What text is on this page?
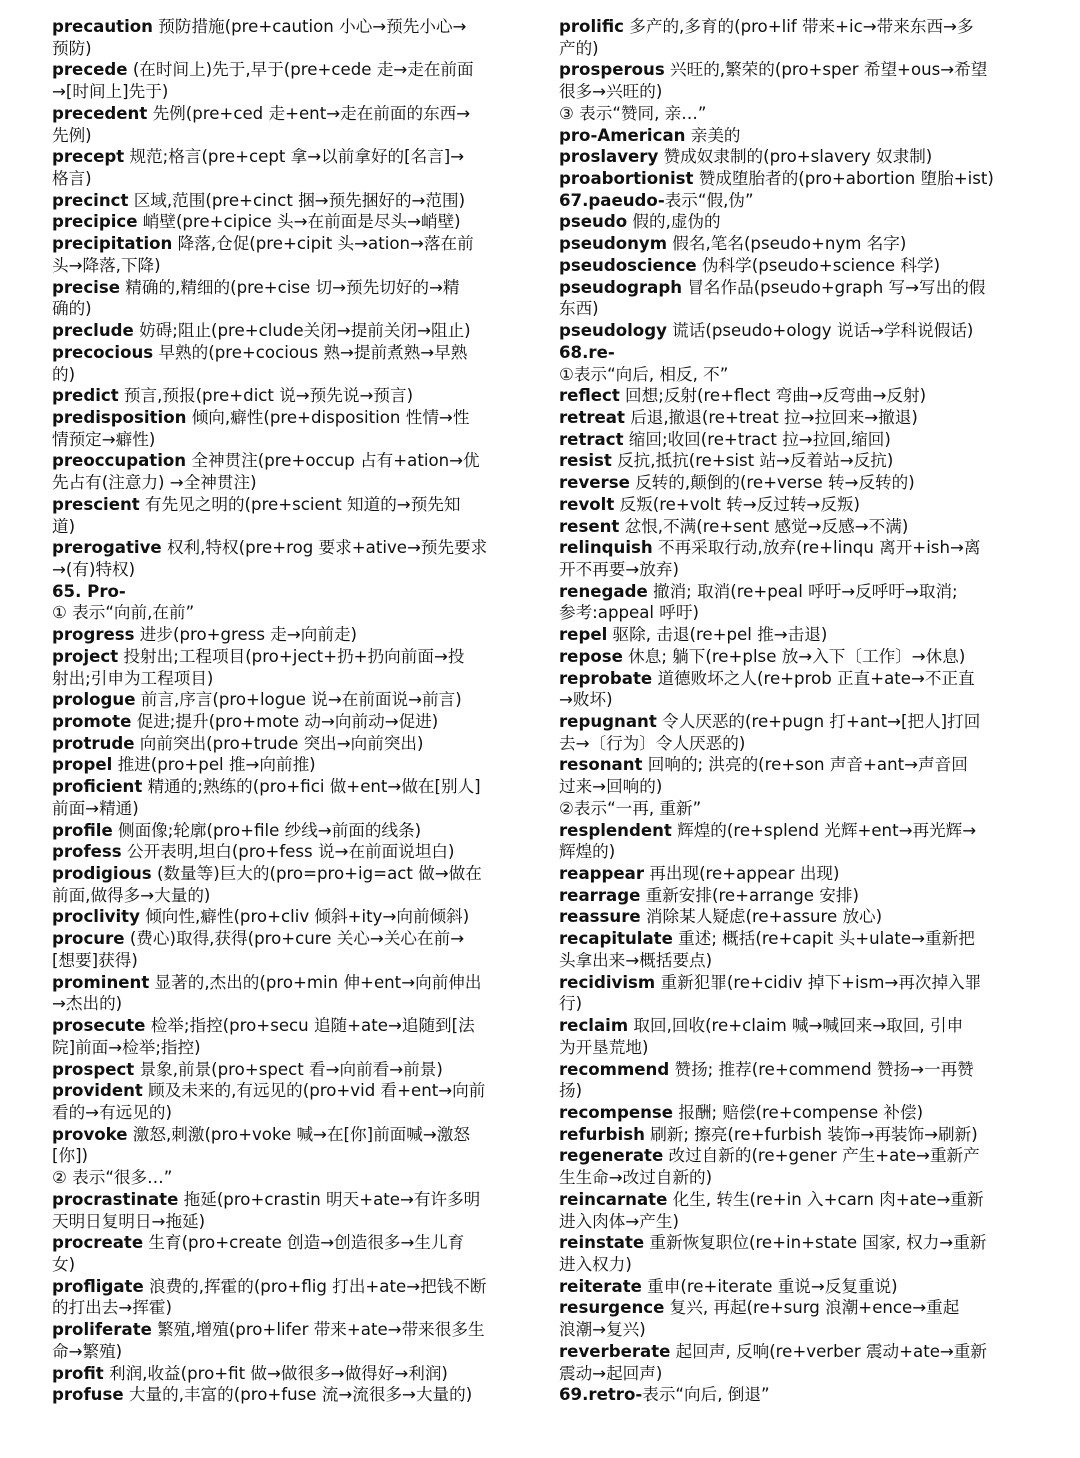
precaution 预防措施(pre+caution 小心→预先小心→
预防)
precede (在时间上)先于,早于(pre+cede 走→走在前面
→[时间上]先于)
precedent 先例(pre+ced 走+ent→走在前面的东西→
先例)
precept 规范;格言(pre+cept 拿→以前拿好的[名言]→
格言)
precinct 区域,范围(pre+cinct 捆→预先捆好的→范围)
precipice 峭壁(pre+cipice 头→在前面是尽头→峭壁)
precipitation 降落,仓促(pre+cipit 头→ation→落在前
头→降落,下降)
precise 精确的,精细的(pre+cise 切→预先切好的→精
确的)
preclude 妨碍;阻止(pre+clude关闭→提前关闭→阻止)
precocious 早熟的(pre+cocious 熟→提前煮熟→早熟
的)
predict 预言,预报(pre+dict 说→预先说→预言)
predisposition 倾向,癖性(pre+disposition 性情→性
情预定→癖性)
preoccupation 全神贯注(pre+occup 占有+ation→优
先占有(注意力) →全神贯注)
prescient 有先见之明的(pre+scient 知道的→预先知
道)
prerogative 权利,特权(pre+rog 要求+ative→预先要求
→(有)特权)
65. Pro-
① 表示“向前,在前”
progress 进步(pro+gress 走→向前走)
project 投射出;工程项目(pro+ject+扔+扔向前面→投
射出;引申为工程项目)
prologue 前言,序言(pro+logue 说→在前面说→前言)
promote 促进;提升(pro+mote 动→向前动→促进)
protrude 向前突出(pro+trude 突出→向前突出)
propel 推进(pro+pel 推→向前推)
proficient 精通的;熟练的(pro+fici 做+ent→做在[别人]
前面→精通)
profile 侧面像;轮廓(pro+file 纱线→前面的线条)
profess 公开表明,坦白(pro+fess 说→在前面说坦白)
prodigious (数量等)巨大的(pro=pro+ig=act 做→做在
前面,做得多→大量的)
proclivity 倾向性,癖性(pro+cliv 倾斜+ity→向前倾斜)
procure (费心)取得,获得(pro+cure 关心→关心在前→
[想要]获得)
prominent 显著的,杰出的(pro+min 伸+ent→向前伸出
→杰出的)
prosecute 检举;指控(pro+secu 追随+ate→追随到[法
院]前面→检举;指控)
prospect 景象,前景(pro+spect 看→向前看→前景)
provident 顾及未来的,有远见的(pro+vid 看+ent→向前
看的→有远见的)
provoke 激怒,刺激(pro+voke 喊→在[你]前面喊→激怒
[你])
② 表示“很多…”
procrastinate 拖延(pro+crastin 明天+ate→有许多明
天明日复明日→拖延)
procreate 生育(pro+create 创造→创造很多→生儿育
女)
profligate 浪费的,挥霍的(pro+flig 打出+ate→把钱不断
的打出去→挥霍)
proliferate 繁殖,增殖(pro+lifer 带来+ate→带来很多生
命→繁殖)
profit 利润,收益(pro+fit 做→做很多→做得好→利润)
profuse 大量的,丰富的(pro+fuse 流→流很多→大量的)
prolific 多产的,多育的(pro+lif 带来+ic→带来东西→多
产的)
prosperous 兴旺的,繁荣的(pro+sper 希望+ous→希望
很多→兴旺的)
③ 表示“赞同, 亲…”
pro-American 亲美的
proslavery 赞成奴隶制的(pro+slavery 奴隶制)
proabortionist 赞成堕胎者的(pro+abortion 堕胎+ist)
67.paeudo-表示“假,伪”
pseudo 假的,虚伪的
pseudonym 假名,笔名(pseudo+nym 名字)
pseudoscience 伪科学(pseudo+science 科学)
pseudograph 冒名作品(pseudo+graph 写→写出的假
东西)
pseudology 谎话(pseudo+ology 说话→学科说假话)
68.re-
①表示“向后, 相反, 不”
reflect 回想;反射(re+flect 弯曲→反弯曲→反射)
retreat 后退,撤退(re+treat 拉→拉回来→撤退)
retract 缩回;收回(re+tract 拉→拉回,缩回)
resist 反抗,抵抗(re+sist 站→反着站→反抗)
reverse 反转的,颠倒的(re+verse 转→反转的)
revolt 反叛(re+volt 转→反过转→反叛)
resent 忿恨,不满(re+sent 感觉→反感→不满)
relinquish 不再采取行动,放弃(re+linqu 离开+ish→离
开不再要→放弃)
renegade 撤消; 取消(re+peal 呼吁→反呼吁→取消;
参考:appeal 呼吁)
repel 驱除, 击退(re+pel 推→击退)
repose 休息; 躺下(re+plse 放→入下〔工作〕→休息)
reprobate 道德败坏之人(re+prob 正直+ate→不正直
→败坏)
repugnant 令人厌恶的(re+pugn 打+ant→[把人]打回
去→〔行为〕令人厌恶的)
resonant 回响的; 洪亮的(re+son 声音+ant→声音回
过来→回响的)
②表示“一再, 重新”
resplendent 辉煌的(re+splend 光辉+ent→再光辉→
辉煌的)
reappear 再出现(re+appear 出现)
rearrage 重新安排(re+arrange 安排)
reassure 消除某人疑虑(re+assure 放心)
recapitulate 重述; 概括(re+capit 头+ulate→重新把
头拿出来→概括要点)
recidivism 重新犯罪(re+cidiv 掉下+ism→再次掉入罪
行)
reclaim 取回,回收(re+claim 喊→喊回来→取回, 引申
为开垦荒地)
recommend 赞扬; 推荐(re+commend 赞扬→一再赞
扬)
recompense 报酬; 赔偿(re+compense 补偿)
refurbish 刷新; 擦亮(re+furbish 装饰→再装饰→刷新)
regenerate 改过自新的(re+gener 产生+ate→重新产
生生命→改过自新的)
reincarnate 化生, 转生(re+in 入+carn 肉+ate→重新
进入肉体→产生)
reinstate 重新恢复职位(re+in+state 国家, 权力→重新
进入权力)
reiterate 重申(re+iterate 重说→反复重说)
resurgence 复兴, 再起(re+surg 浪潮+ence→重起
浪潮→复兴)
reverberate 起回声, 反响(re+verber 震动+ate→重新
震动→起回声)
69.retro-表示“向后, 倒退”
